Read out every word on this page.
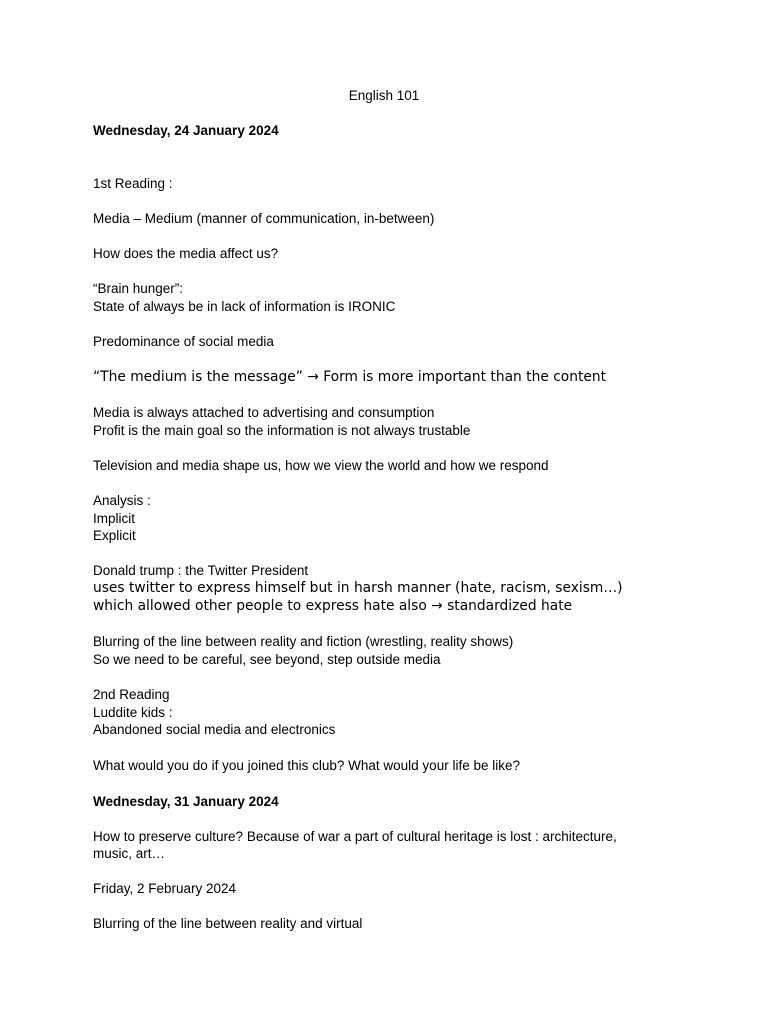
English 101
Wednesday, 24 January 2024
1st Reading :
Media – Medium (manner of communication, in-between)
How does the media affect us?
“Brain hunger”:
State of always be in lack of information is IRONIC
Predominance of social media
“The medium is the message” → Form is more important than the content
Media is always attached to advertising and consumption
Profit is the main goal so the information is not always trustable
Television and media shape us, how we view the world and how we respond
Analysis :
Implicit
Explicit
Donald trump : the Twitter President
uses twitter to express himself but in harsh manner (hate, racism, sexism…)
which allowed other people to express hate also → standardized hate
Blurring of the line between reality and fiction (wrestling, reality shows)
So we need to be careful, see beyond, step outside media
2nd Reading
Luddite kids :
Abandoned social media and electronics
What would you do if you joined this club? What would your life be like?
Wednesday, 31 January 2024
How to preserve culture? Because of war a part of cultural heritage is lost : architecture,
music, art…
Friday, 2 February 2024
Blurring of the line between reality and virtual
